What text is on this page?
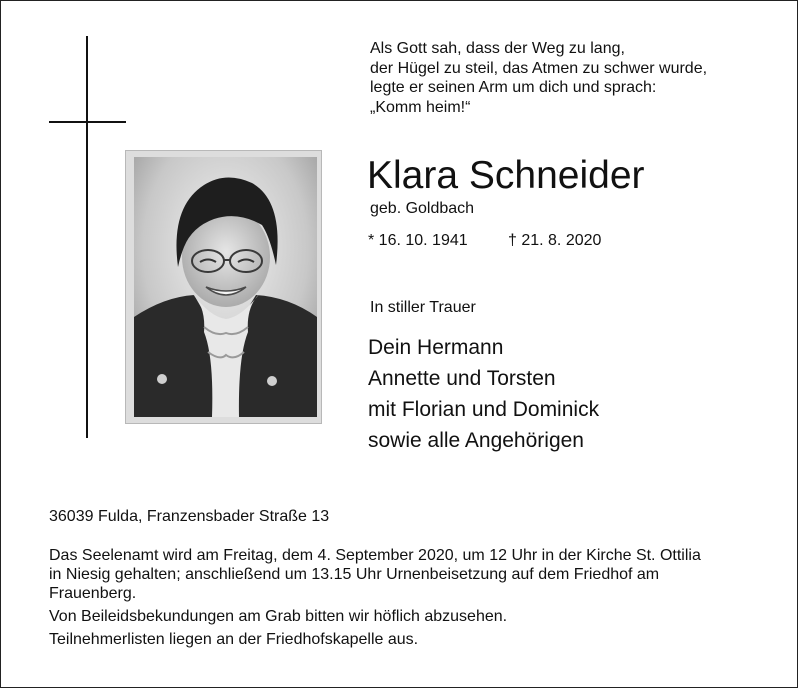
Als Gott sah, dass der Weg zu lang,
der Hügel zu steil, das Atmen zu schwer wurde,
legte er seinen Arm um dich und sprach:
„Komm heim!“
Klara Schneider
geb. Goldbach
* 16. 10. 1941	† 21. 8. 2020
In stiller Trauer
Dein Hermann
Annette und Torsten
mit Florian und Dominick
sowie alle Angehörigen
36039 Fulda, Franzensbader Straße 13
Das Seelenamt wird am Freitag, dem 4. September 2020, um 12 Uhr in der Kirche St. Ottilia
in Niesig gehalten; anschließend um 13.15 Uhr Urnenbeisetzung auf dem Friedhof am
Frauenberg.
Von Beileidsbekundungen am Grab bitten wir höflich abzusehen.
Teilnehmerlisten liegen an der Friedhofskapelle aus.
